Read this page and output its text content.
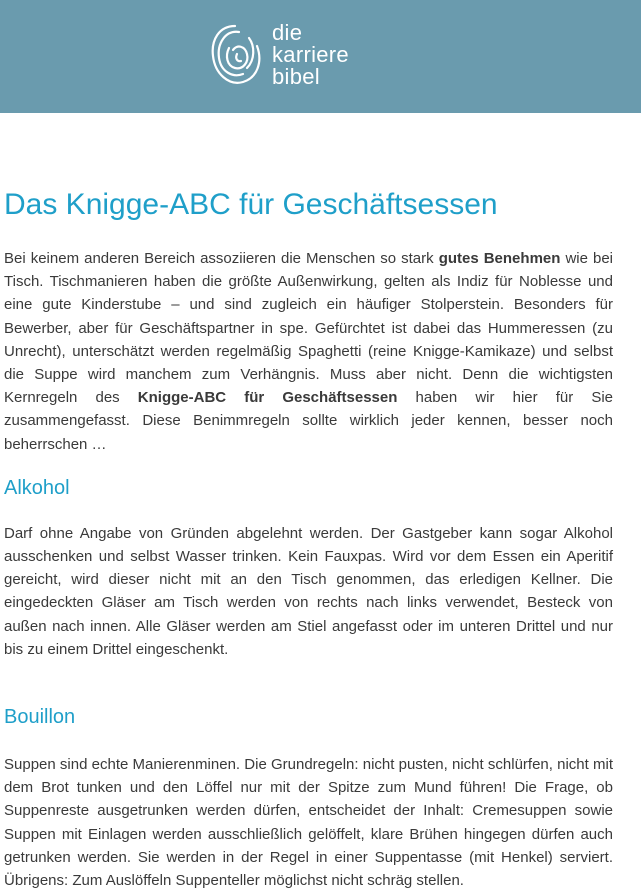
die
karriere
bibel
Das Knigge-ABC für Geschäftsessen

Bei keinem anderen Bereich assoziieren die Menschen so stark gutes Benehmen wie bei Tisch. Tischmanieren haben die größte Außenwirkung, gelten als Indiz für Noblesse und eine gute Kinderstube – und sind zugleich ein häufiger Stolperstein. Besonders für Bewerber, aber für Geschäftspartner in spe. Gefürchtet ist dabei das Hummeressen (zu Unrecht), unterschätzt werden regelmäßig Spaghetti (reine Knigge-Kamikaze) und selbst die Suppe wird manchem zum Verhängnis. Muss aber nicht. Denn die wichtigsten Kernregeln des Knigge-ABC für Geschäftsessen haben wir hier für Sie zusammengefasst. Diese Benimmregeln sollte wirklich jeder kennen, besser noch beherrschen …

Alkohol

Darf ohne Angabe von Gründen abgelehnt werden. Der Gastgeber kann sogar Alkohol ausschenken und selbst Wasser trinken. Kein Fauxpas. Wird vor dem Essen ein Aperitif gereicht, wird dieser nicht mit an den Tisch genommen, das erledigen Kellner. Die eingedeckten Gläser am Tisch werden von rechts nach links verwendet, Besteck von außen nach innen. Alle Gläser werden am Stiel angefasst oder im unteren Drittel und nur bis zu einem Drittel eingeschenkt.

Bouillon

Suppen sind echte Manierenminen. Die Grundregeln: nicht pusten, nicht schlürfen, nicht mit dem Brot tunken und den Löffel nur mit der Spitze zum Mund führen! Die Frage, ob Suppenreste ausgetrunken werden dürfen, entscheidet der Inhalt: Cremesuppen sowie Suppen mit Einlagen werden ausschließlich gelöffelt, klare Brühen hingegen dürfen auch getrunken werden. Sie werden in der Regel in einer Suppentasse (mit Henkel) serviert. Übrigens: Zum Auslöffeln Suppenteller möglichst nicht schräg stellen.
